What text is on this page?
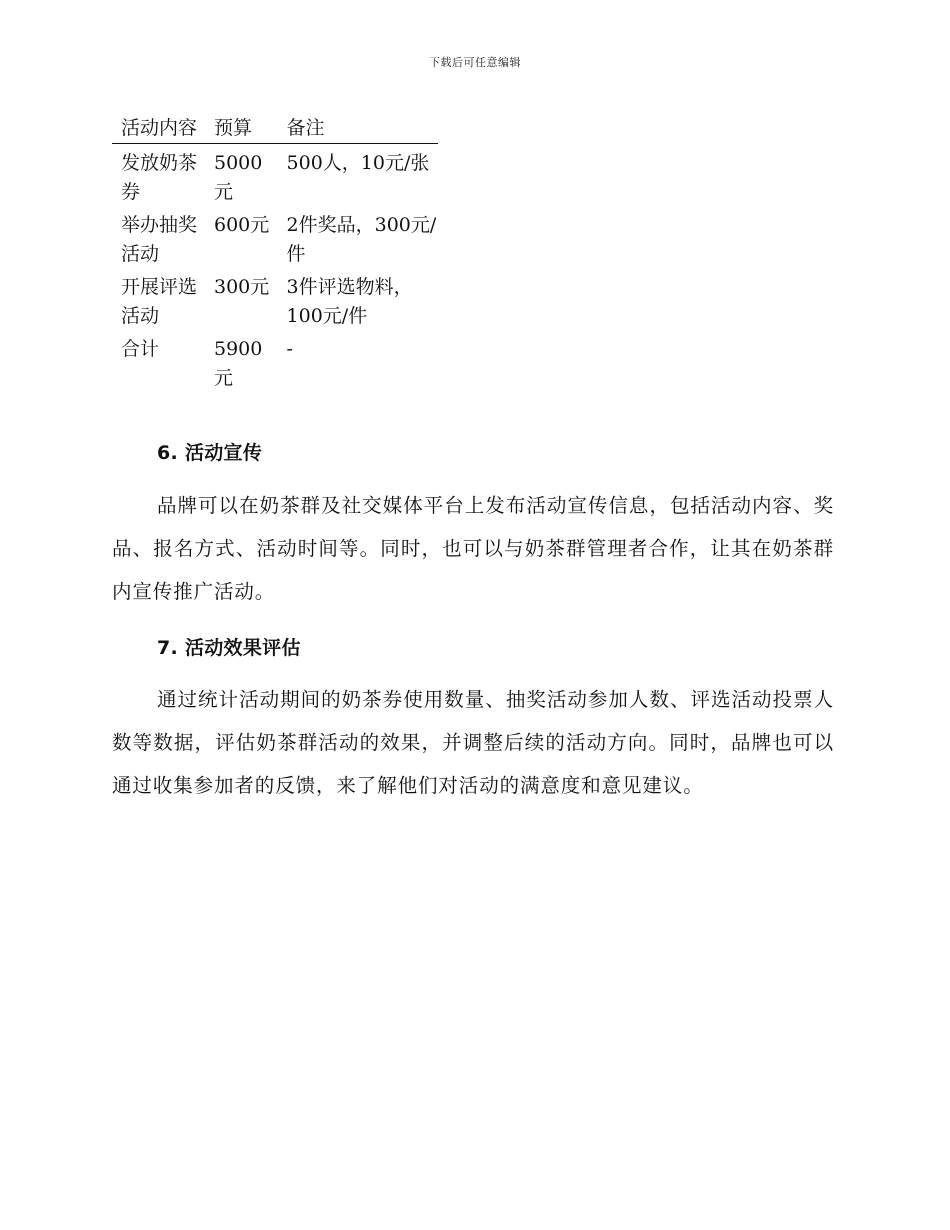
下载后可任意编辑
活动内容	预算	备注
发放奶茶券	5000元	500人，10元/张
举办抽奖活动	600元	2件奖品，300元/件
开展评选活动	300元	3件评选物料，100元/件
合计	5900元	-
6. 活动宣传

品牌可以在奶茶群及社交媒体平台上发布活动宣传信息，包括活动内容、奖品、报名方式、活动时间等。同时，也可以与奶茶群管理者合作，让其在奶茶群内宣传推广活动。

7. 活动效果评估

通过统计活动期间的奶茶券使用数量、抽奖活动参加人数、评选活动投票人数等数据，评估奶茶群活动的效果，并调整后续的活动方向。同时，品牌也可以通过收集参加者的反馈，来了解他们对活动的满意度和意见建议。
